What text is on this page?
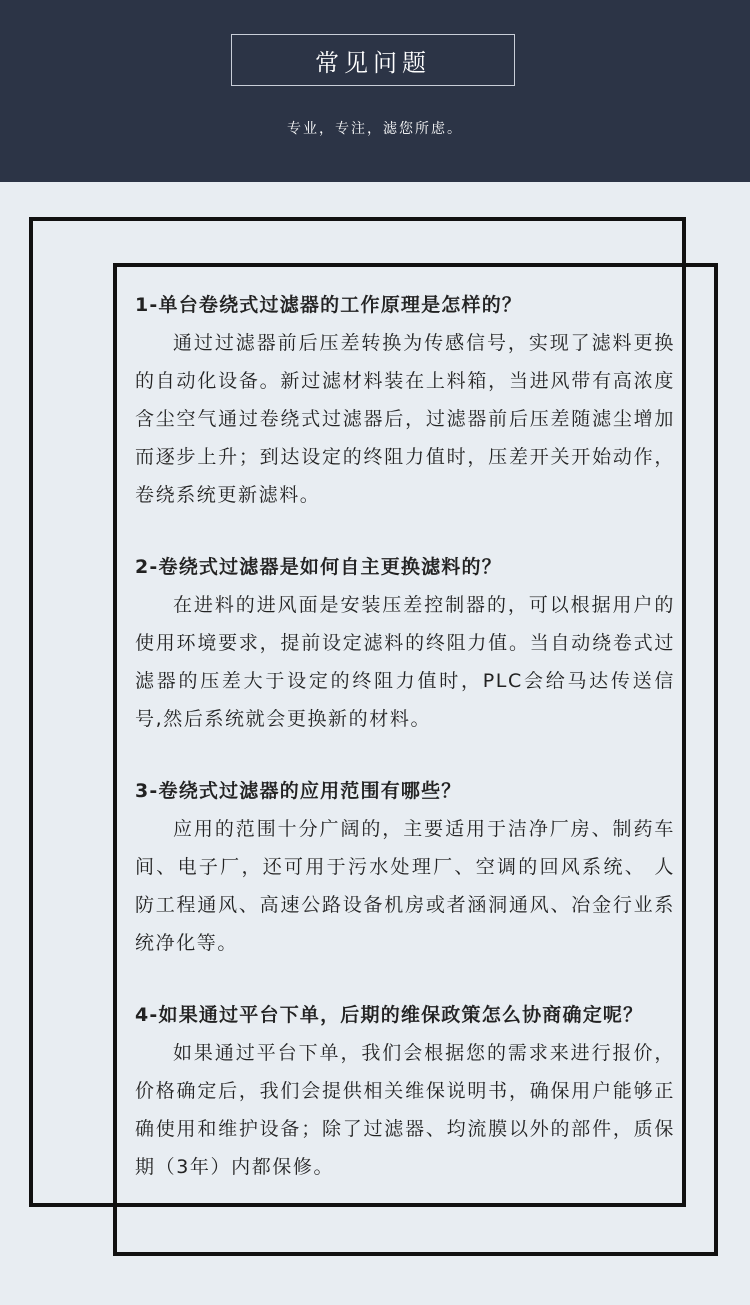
常见问题
专业，专注，滤您所虑。

1-单台卷绕式过滤器的工作原理是怎样的？

通过过滤器前后压差转换为传感信号，实现了滤料更换的自动化设备。新过滤材料装在上料箱，当进风带有高浓度含尘空气通过卷绕式过滤器后，过滤器前后压差随滤尘增加而逐步上升；到达设定的终阻力值时，压差开关开始动作，卷绕系统更新滤料。

2-卷绕式过滤器是如何自主更换滤料的？

在进料的进风面是安装压差控制器的，可以根据用户的使用环境要求，提前设定滤料的终阻力值。当自动绕卷式过滤器的压差大于设定的终阻力值时，PLC会给马达传送信号,然后系统就会更换新的材料。

3-卷绕式过滤器的应用范围有哪些？

应用的范围十分广阔的，主要适用于洁净厂房、制药车间、电子厂，还可用于污水处理厂、空调的回风系统、 人防工程通风、高速公路设备机房或者涵洞通风、冶金行业系统净化等。

4-如果通过平台下单，后期的维保政策怎么协商确定呢？

如果通过平台下单，我们会根据您的需求来进行报价，价格确定后，我们会提供相关维保说明书，确保用户能够正确使用和维护设备；除了过滤器、均流膜以外的部件，质保期（3年）内都保修。
